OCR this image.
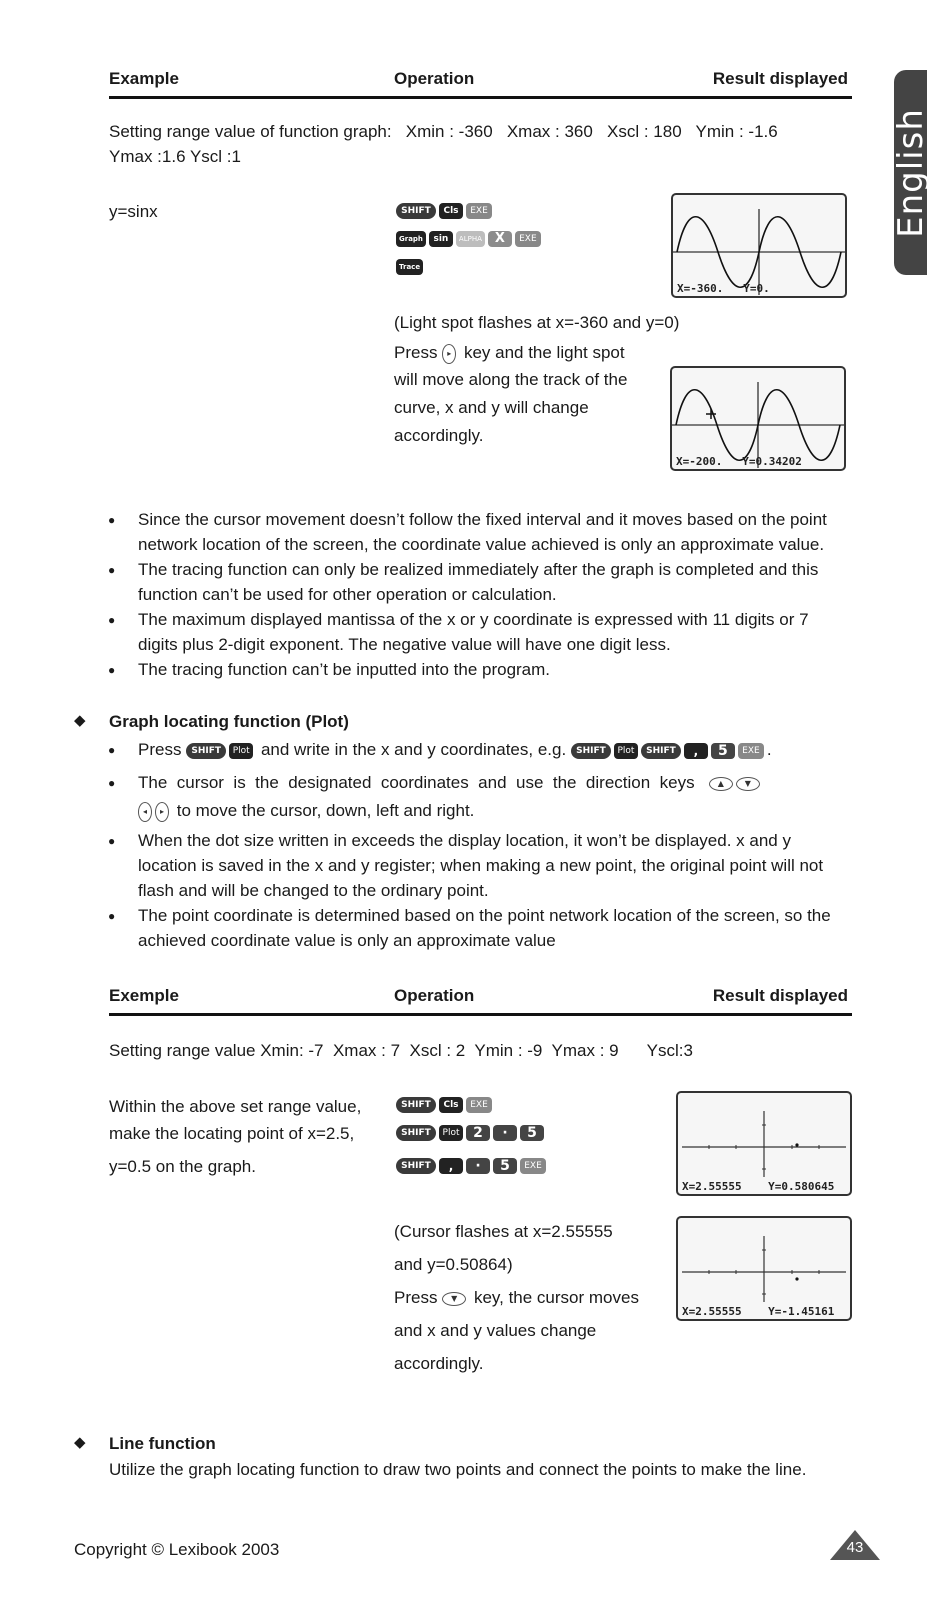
English
Example	Operation	Result displayed
Setting range value of function graph:   Xmin : -360   Xmax : 360   Xscl : 180   Ymin : -1.6
Ymax :1.6 Yscl :1
y=sinx	SHIFT Cls EXE
Graph sin ALPHA X EXE
Trace
X=-360.   Y=0.
(Light spot flashes at x=-360 and y=0)
Press ▸ key and the light spot
will move along the track of the
curve, x and y will change
accordingly.
X=-200.   Y=0.34202
● Since the cursor movement doesn’t follow the fixed interval and it moves based on the point network location of the screen, the coordinate value achieved is only an approximate value.
● The tracing function can only be realized immediately after the graph is completed and this function can’t be used for other operation or calculation.
● The maximum displayed mantissa of the x or y coordinate is expressed with 11 digits or 7 digits plus 2-digit exponent. The negative value will have one digit less.
● The tracing function can’t be inputted into the program.
◆ Graph locating function (Plot)
● Press SHIFT Plot and write in the x and y coordinates, e.g. SHIFT Plot SHIFT , 5 EXE .
● The  cursor  is  the  designated  coordinates  and  use  the  direction  keys	▲	▼
◂ ▸ to move the cursor, down, left and right.
● When the dot size written in exceeds the display location, it won’t be displayed. x and y location is saved in the x and y register; when making a new point, the original point will not flash and will be changed to the ordinary point.
● The point coordinate is determined based on the point network location of the screen, so the achieved coordinate value is only an approximate value
Exemple	Operation	Result displayed
Setting range value Xmin: -7  Xmax : 7  Xscl : 2  Ymin : -9  Ymax : 9      Yscl:3
Within the above set range value,
make the locating point of x=2.5,
y=0.5 on the graph.
SHIFT Cls EXE
SHIFT Plot 2 · 5
SHIFT , · 5 EXE
X=2.55555    Y=0.580645
(Cursor flashes at x=2.55555
and y=0.50864)
Press ▼ key, the cursor moves
and x and y values change
accordingly.
X=2.55555    Y=-1.45161
◆ Line function
Utilize the graph locating function to draw two points and connect the points to make the line.
Copyright © Lexibook 2003	43
